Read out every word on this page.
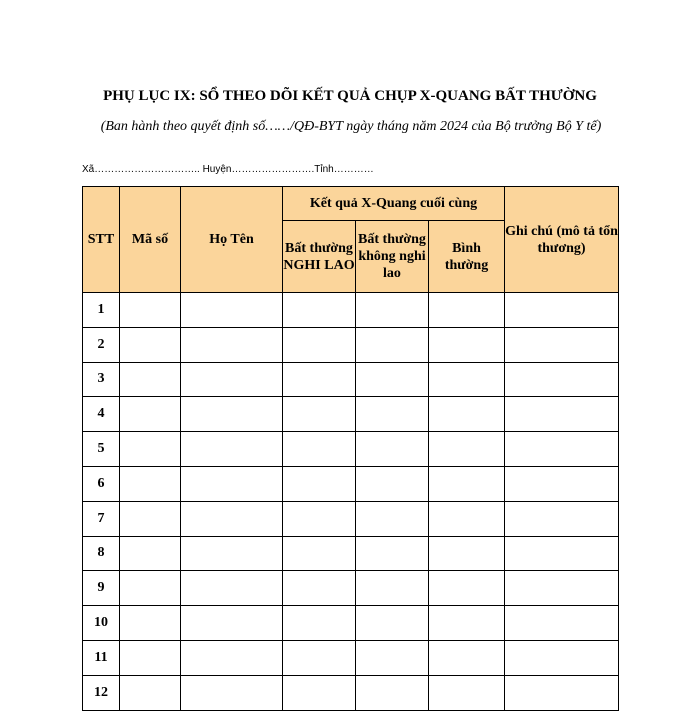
PHỤ LỤC IX: SỔ THEO DÕI KẾT QUẢ CHỤP X-QUANG BẤT THƯỜNG
(Ban hành theo quyết định số……/QĐ-BYT ngày tháng năm 2024 của Bộ trưởng Bộ Y tế)
Xã………………………….. Huyện…………………….Tỉnh…………
STT	Mã số	Họ Tên	Kết quả X-Quang cuối cùng			Ghi chú (mô tả tổn thương)
			Bất thường NGHI LAO	Bất thường không nghi lao	Bình thường	
1						
2						
3						
4						
5						
6						
7						
8						
9						
10						
11						
12						
